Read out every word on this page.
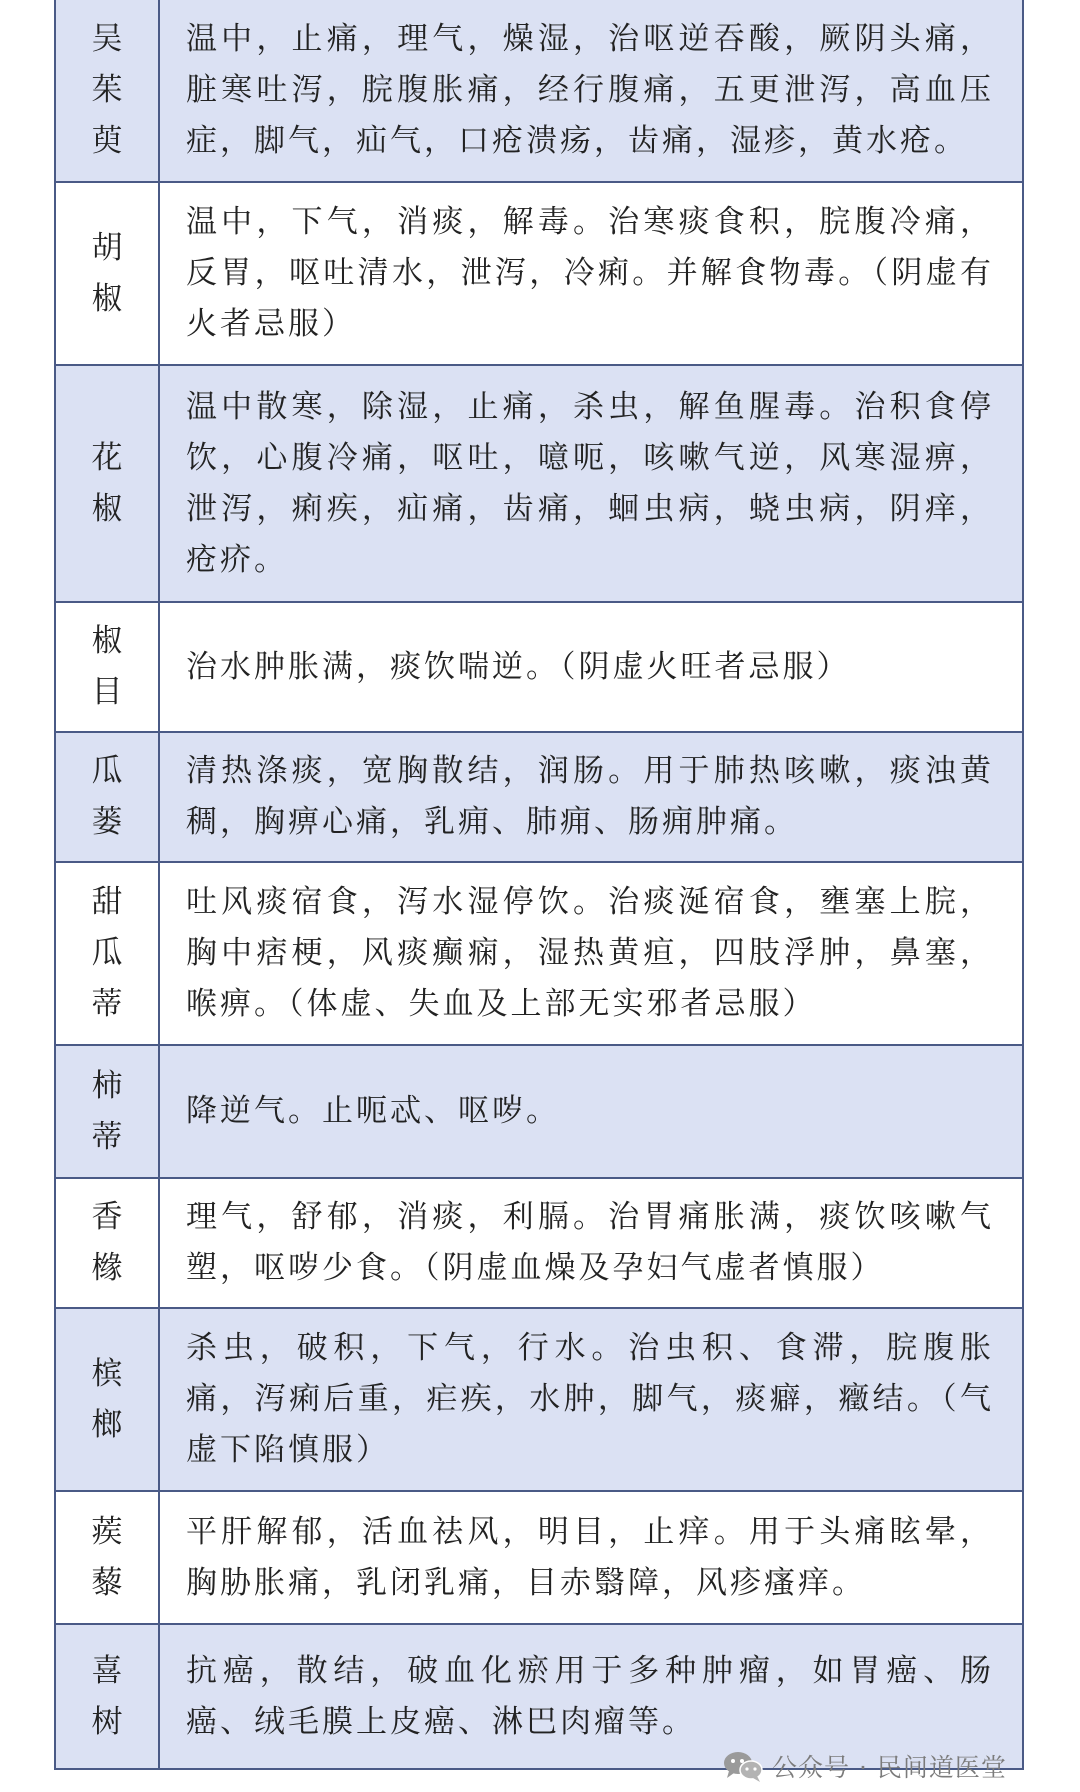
吴茱萸	温中，止痛，理气，燥湿，治呕逆吞酸，厥阴头痛，脏寒吐泻，脘腹胀痛，经行腹痛，五更泄泻，高血压症，脚气，疝气，口疮溃疡，齿痛，湿疹，黄水疮。

胡椒	温中，下气，消痰，解毒。治寒痰食积，脘腹冷痛，反胃，呕吐清水，泄泻，冷痢。并解食物毒。（阴虚有火者忌服）

花椒	温中散寒，除湿，止痛，杀虫，解鱼腥毒。治积食停饮，心腹冷痛，呕吐，噫呃，咳嗽气逆，风寒湿痹，泄泻，痢疾，疝痛，齿痛，蛔虫病，蛲虫病，阴痒，疮疥。

椒目	治水肿胀满，痰饮喘逆。（阴虚火旺者忌服）

瓜蒌	清热涤痰，宽胸散结，润肠。用于肺热咳嗽，痰浊黄稠，胸痹心痛，乳痈、肺痈、肠痈肿痛。

甜瓜蒂	吐风痰宿食，泻水湿停饮。治痰涎宿食，壅塞上脘，胸中痞梗，风痰癫痫，湿热黄疸，四肢浮肿，鼻塞，喉痹。（体虚、失血及上部无实邪者忌服）

柿蒂	降逆气。止呃忒、呕哕。

香橼	理气，舒郁，消痰，利膈。治胃痛胀满，痰饮咳嗽气塑，呕哕少食。（阴虚血燥及孕妇气虚者慎服）

槟榔	杀虫，破积，下气，行水。治虫积、食滞，脘腹胀痛，泻痢后重，疟疾，水肿，脚气，痰癖，癥结。（气虚下陷慎服）

蒺藜	平肝解郁，活血祛风，明目，止痒。用于头痛眩晕，胸胁胀痛，乳闭乳痛，目赤翳障，风疹瘙痒。

喜树	抗癌，散结，破血化瘀用于多种肿瘤，如胃癌、肠癌、绒毛膜上皮癌、淋巴肉瘤等。
公众号 · 民间道医堂
